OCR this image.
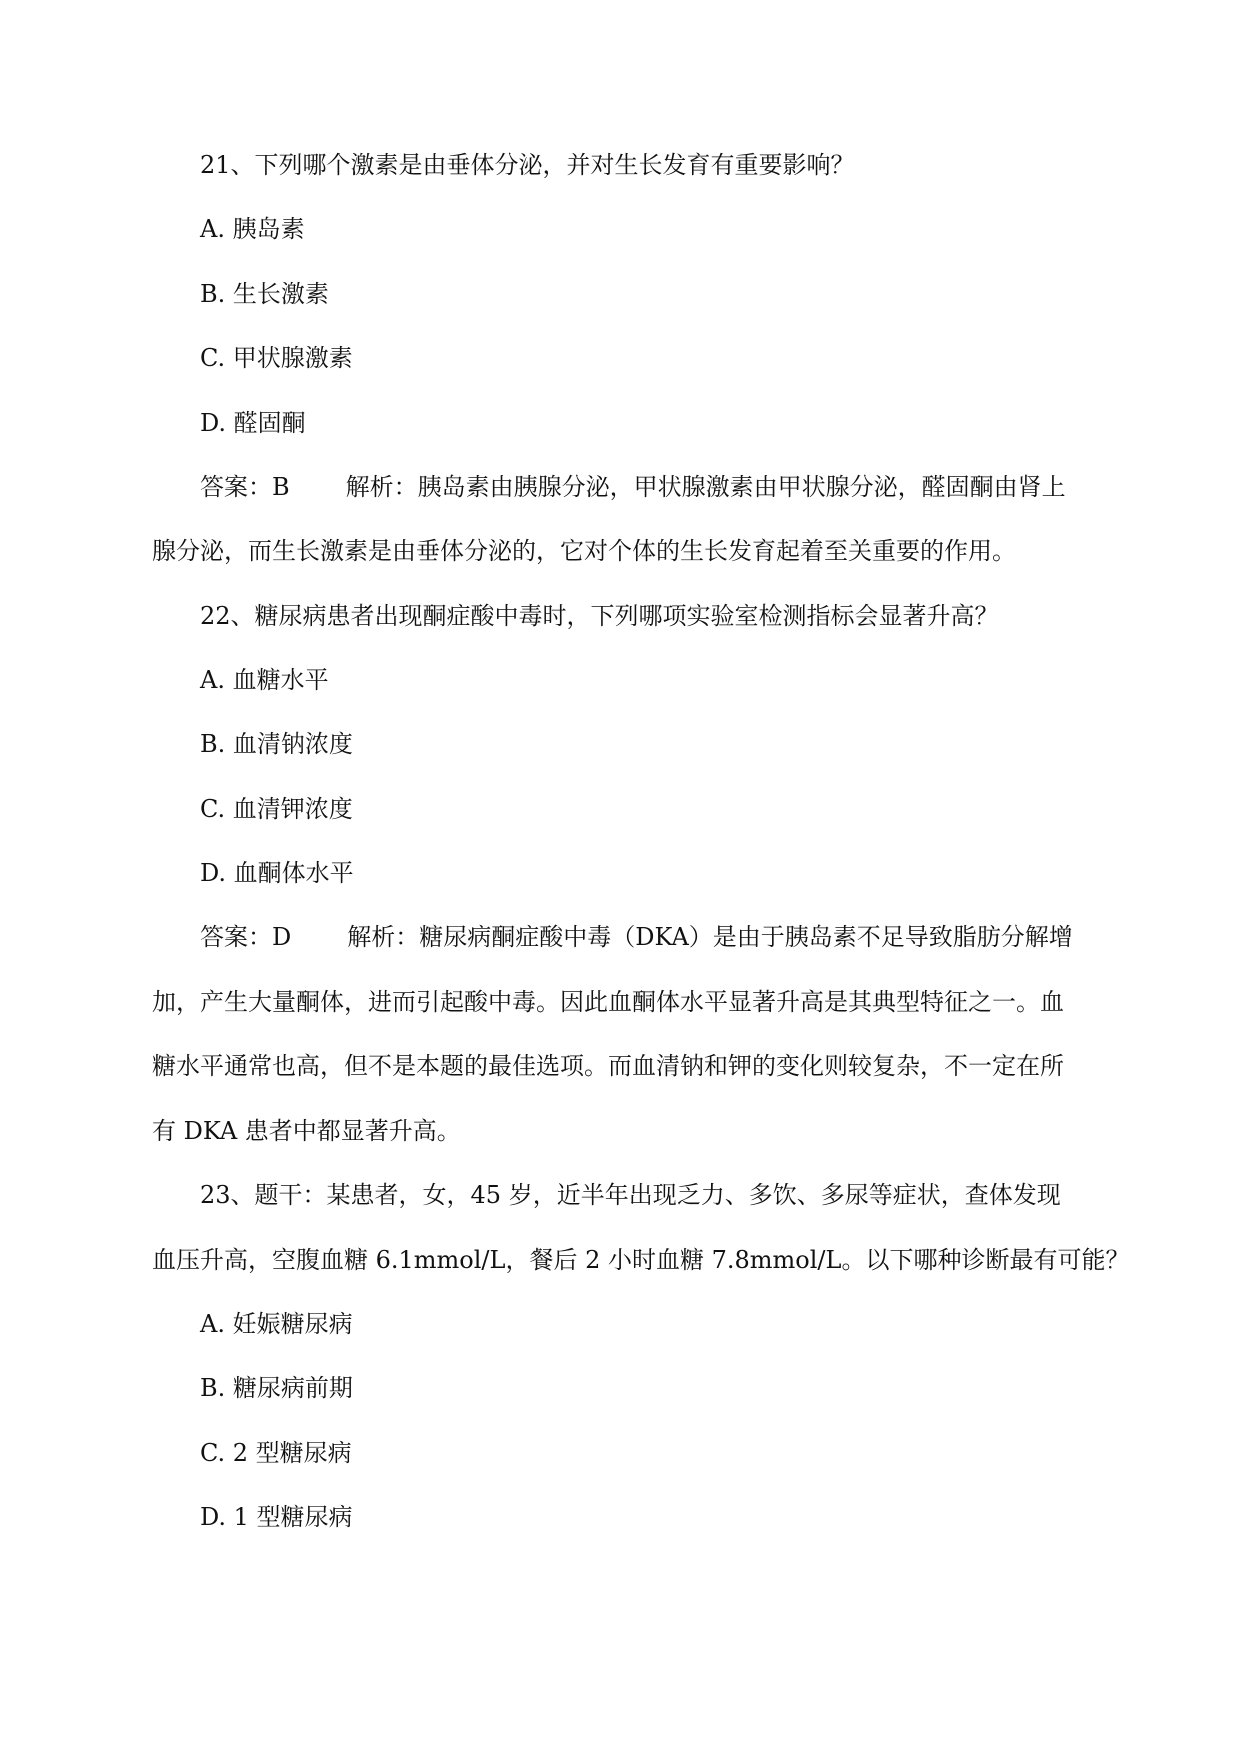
21、下列哪个激素是由垂体分泌，并对生长发育有重要影响？
A. 胰岛素
B. 生长激素
C. 甲状腺激素
D. 醛固酮
答案：B 解析：胰岛素由胰腺分泌，甲状腺激素由甲状腺分泌，醛固酮由肾上
腺分泌，而生长激素是由垂体分泌的，它对个体的生长发育起着至关重要的作用。
22、糖尿病患者出现酮症酸中毒时，下列哪项实验室检测指标会显著升高？
A. 血糖水平
B. 血清钠浓度
C. 血清钾浓度
D. 血酮体水平
答案：D 解析：糖尿病酮症酸中毒（DKA）是由于胰岛素不足导致脂肪分解增
加，产生大量酮体，进而引起酸中毒。因此血酮体水平显著升高是其典型特征之一。血
糖水平通常也高，但不是本题的最佳选项。而血清钠和钾的变化则较复杂，不一定在所
有 DKA 患者中都显著升高。
23、题干：某患者，女，45 岁，近半年出现乏力、多饮、多尿等症状，查体发现
血压升高，空腹血糖 6.1mmol/L，餐后 2 小时血糖 7.8mmol/L。以下哪种诊断最有可能？
A. 妊娠糖尿病
B. 糖尿病前期
C. 2 型糖尿病
D. 1 型糖尿病
